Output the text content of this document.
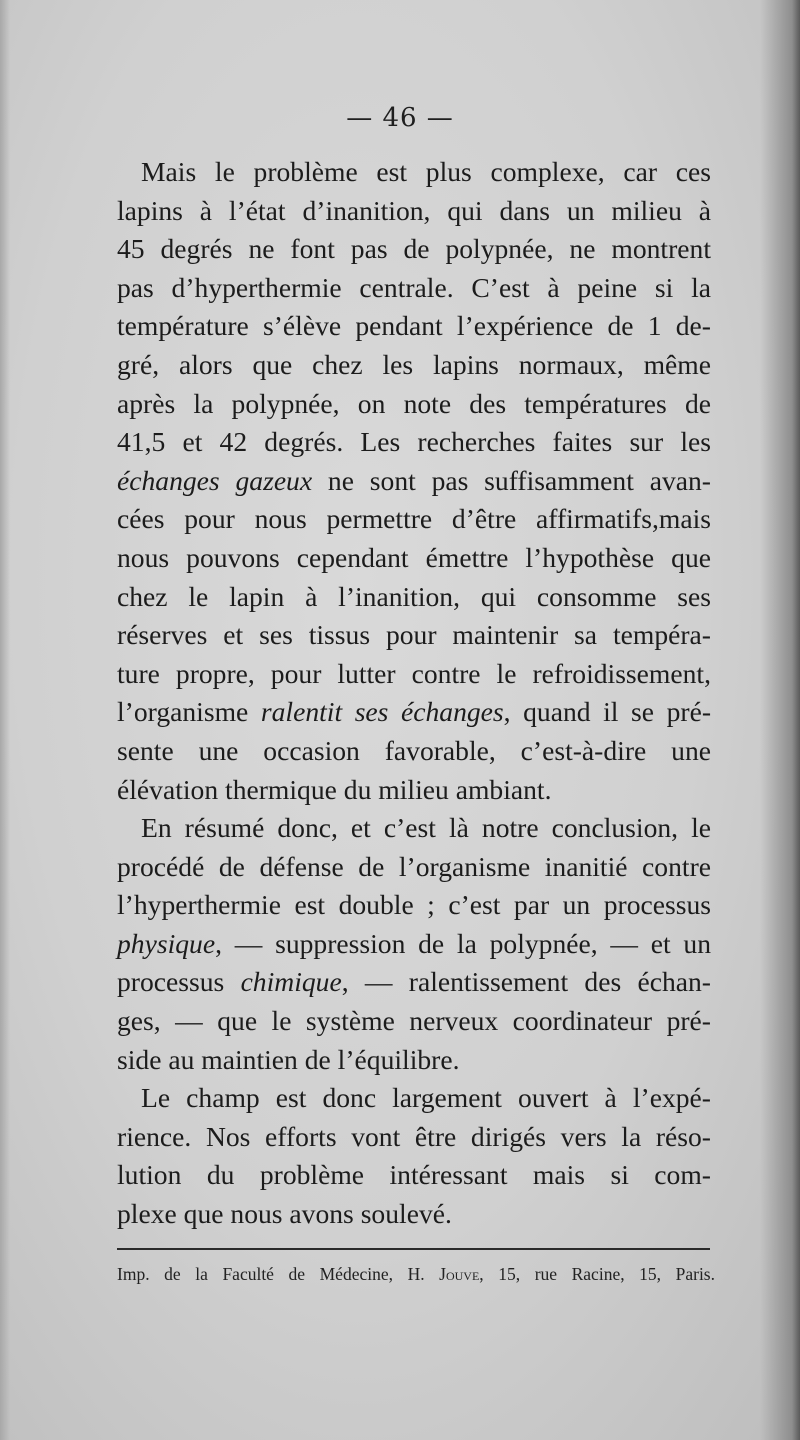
— 46 —
Mais le problème est plus complexe, car ces
lapins à l’état d’inanition, qui dans un milieu à
45 degrés ne font pas de polypnée, ne montrent
pas d’hyperthermie centrale. C’est à peine si la
température s’élève pendant l’expérience de 1 de-
gré, alors que chez les lapins normaux, même
après la polypnée, on note des températures de
41,5 et 42 degrés. Les recherches faites sur les
échanges gazeux ne sont pas suffisamment avan-
cées pour nous permettre d’être affirmatifs,mais
nous pouvons cependant émettre l’hypothèse que
chez le lapin à l’inanition, qui consomme ses
réserves et ses tissus pour maintenir sa tempéra-
ture propre, pour lutter contre le refroidissement,
l’organisme ralentit ses échanges, quand il se pré-
sente une occasion favorable, c’est-à-dire une
élévation thermique du milieu ambiant.
En résumé donc, et c’est là notre conclusion, le
procédé de défense de l’organisme inanitié contre
l’hyperthermie est double ; c’est par un processus
physique, — suppression de la polypnée, — et un
processus chimique, — ralentissement des échan-
ges, — que le système nerveux coordinateur pré-
side au maintien de l’équilibre.
Le champ est donc largement ouvert à l’expé-
rience. Nos efforts vont être dirigés vers la réso-
lution du problème intéressant mais si com-
plexe que nous avons soulevé.
Imp. de la Faculté de Médecine, H. Jouve, 15, rue Racine, 15, Paris.
